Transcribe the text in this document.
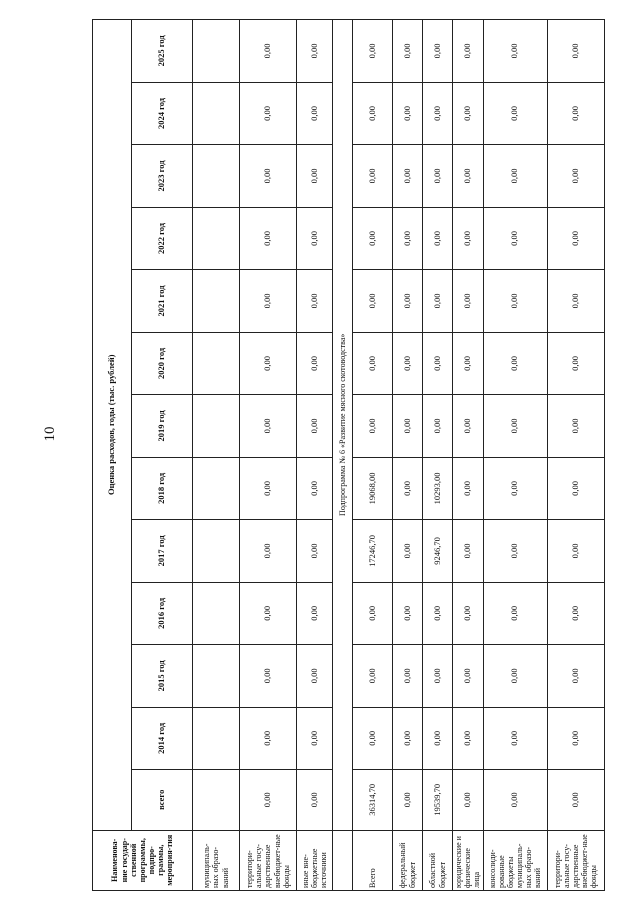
10
Наименова-ние государ-ственной программы, подпро-граммы, мероприя-тия	Оценка расходов, годы (тыс. рублей)												
	всего	2014 год	2015 год	2016 год	2017 год	2018 год	2019 год	2020 год	2021 год	2022 год	2023 год	2024 год	2025 год
муниципаль-ных образо-ваний													
территори-альные госу-дарственные внебюджет-ные фонды	0,00	0,00	0,00	0,00	0,00	0,00	0,00	0,00	0,00	0,00	0,00	0,00	0,00
иные вне-бюджетные источники	0,00	0,00	0,00	0,00	0,00	0,00	0,00	0,00	0,00	0,00	0,00	0,00	0,00
	Подпрограмма № 6 «Развитие мясного скотоводства»												
Всего	36314,70	0,00	0,00	0,00	17246,70	19068,00	0,00	0,00	0,00	0,00	0,00	0,00	0,00
федеральный бюджет	0,00	0,00	0,00	0,00	0,00	0,00	0,00	0,00	0,00	0,00	0,00	0,00	0,00
областной бюджет	19539,70	0,00	0,00	0,00	9246,70	10293,00	0,00	0,00	0,00	0,00	0,00	0,00	0,00
юридические и физические лица	0,00	0,00	0,00	0,00	0,00	0,00	0,00	0,00	0,00	0,00	0,00	0,00	0,00
консолиди-рованные бюджеты муниципаль-ных образо-ваний	0,00	0,00	0,00	0,00	0,00	0,00	0,00	0,00	0,00	0,00	0,00	0,00	0,00
территори-альные госу-дарственные внебюджет-ные фонды	0,00	0,00	0,00	0,00	0,00	0,00	0,00	0,00	0,00	0,00	0,00	0,00	0,00
